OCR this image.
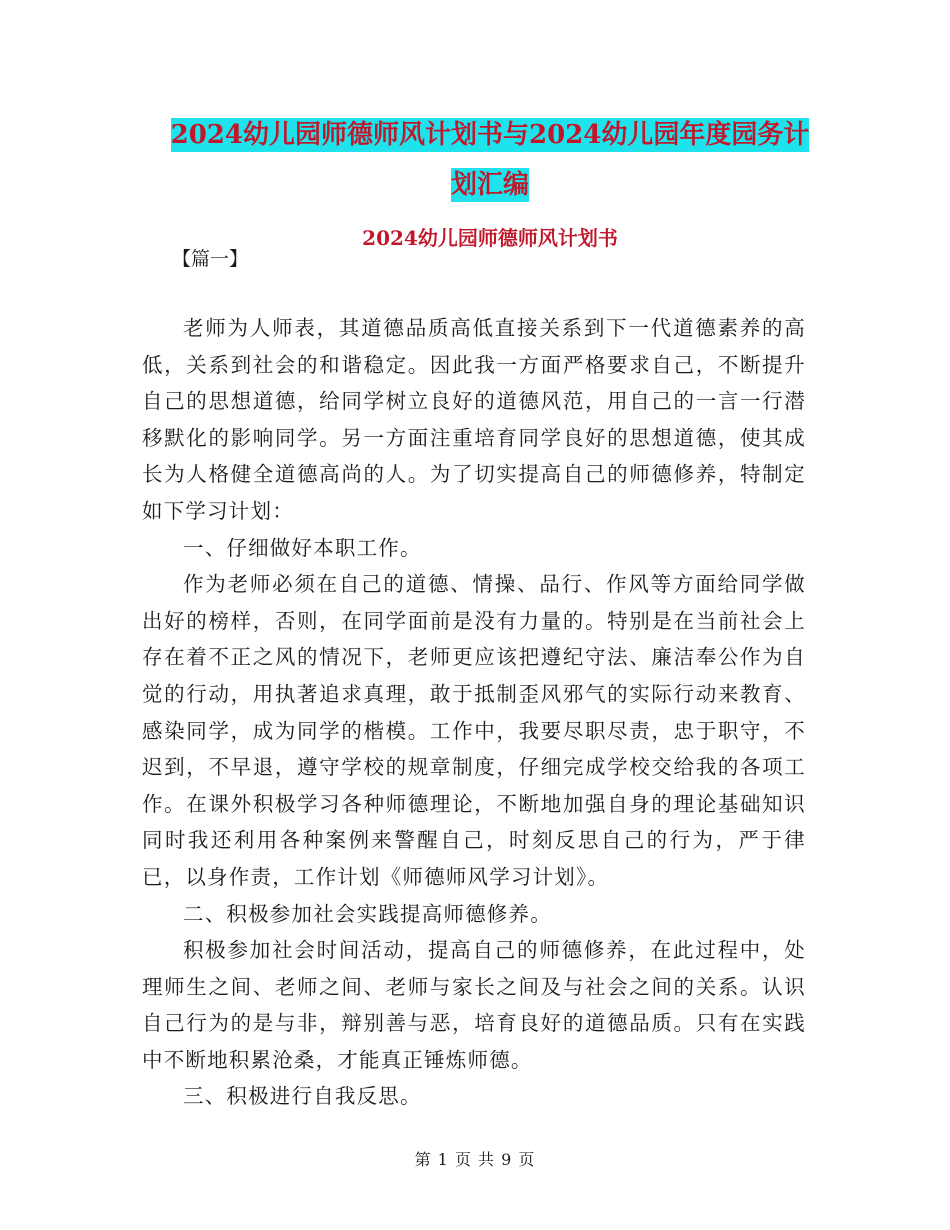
2024幼儿园师德师风计划书与2024幼儿园年度园务计
划汇编
2024幼儿园师德师风计划书
【篇一】

老师为人师表，其道德品质高低直接关系到下一代道德素养的高低，关系到社会的和谐稳定。因此我一方面严格要求自己，不断提升自己的思想道德，给同学树立良好的道德风范，用自己的一言一行潜移默化的影响同学。另一方面注重培育同学良好的思想道德，使其成长为人格健全道德高尚的人。为了切实提高自己的师德修养，特制定如下学习计划：

一、仔细做好本职工作。

作为老师必须在自己的道德、情操、品行、作风等方面给同学做出好的榜样，否则，在同学面前是没有力量的。特别是在当前社会上存在着不正之风的情况下，老师更应该把遵纪守法、廉洁奉公作为自觉的行动，用执著追求真理，敢于抵制歪风邪气的实际行动来教育、感染同学，成为同学的楷模。工作中，我要尽职尽责，忠于职守，不迟到，不早退，遵守学校的规章制度，仔细完成学校交给我的各项工作。在课外积极学习各种师德理论，不断地加强自身的理论基础知识同时我还利用各种案例来警醒自己，时刻反思自己的行为，严于律已，以身作责，工作计划《师德师风学习计划》。

二、积极参加社会实践提高师德修养。

积极参加社会时间活动，提高自己的师德修养，在此过程中，处理师生之间、老师之间、老师与家长之间及与社会之间的关系。认识自己行为的是与非，辩别善与恶，培育良好的道德品质。只有在实践中不断地积累沧桑，才能真正锤炼师德。

三、积极进行自我反思。

第 1 页 共 9 页
